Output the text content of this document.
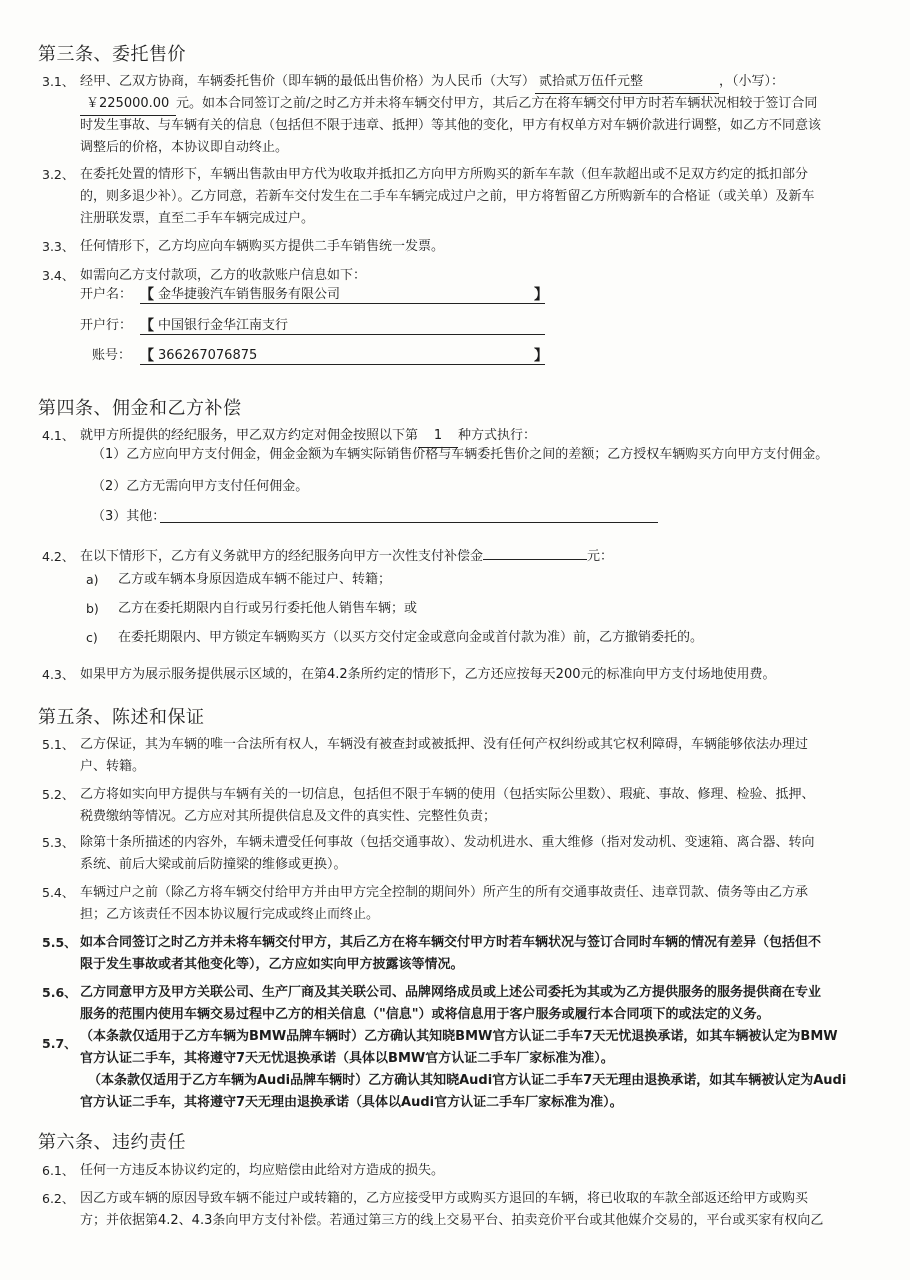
第三条、委托售价
3.1、 经甲、乙双方协商，车辆委托售价（即车辆的最低出售价格）为人民币（大写） 贰拾贰万伍仟元整	，（小写）：
￥225000.00 元。如本合同签订之前/之时乙方并未将车辆交付甲方，其后乙方在将车辆交付甲方时若车辆状况相较于签订合同
时发生事故、与车辆有关的信息（包括但不限于违章、抵押）等其他的变化，甲方有权单方对车辆价款进行调整，如乙方不同意该
调整后的价格，本协议即自动终止。
3.2、 在委托处置的情形下，车辆出售款由甲方代为收取并抵扣乙方向甲方所购买的新车车款（但车款超出或不足双方约定的抵扣部分
的，则多退少补）。乙方同意，若新车交付发生在二手车车辆完成过户之前，甲方将暂留乙方所购新车的合格证（或关单）及新车
注册联发票，直至二手车车辆完成过户。
3.3、 任何情形下，乙方均应向车辆购买方提供二手车销售统一发票。
3.4、 如需向乙方支付款项，乙方的收款账户信息如下：
开户名： 【 金华捷骏汽车销售服务有限公司	】
开户行： 【 中国银行金华江南支行
账号： 【 366267076875	】
第四条、佣金和乙方补偿
4.1、 就甲方所提供的经纪服务，甲乙双方约定对佣金按照以下第 1 种方式执行：
（1）乙方应向甲方支付佣金，佣金金额为车辆实际销售价格与车辆委托售价之间的差额；乙方授权车辆购买方向甲方支付佣金。
（2）乙方无需向甲方支付任何佣金。
（3）其他：
4.2、 在以下情形下，乙方有义务就甲方的经纪服务向甲方一次性支付补偿金	元：
a) 乙方或车辆本身原因造成车辆不能过户、转籍；
b) 乙方在委托期限内自行或另行委托他人销售车辆；或
c) 在委托期限内、甲方锁定车辆购买方（以买方交付定金或意向金或首付款为准）前，乙方撤销委托的。
4.3、 如果甲方为展示服务提供展示区域的，在第4.2条所约定的情形下，乙方还应按每天200元的标准向甲方支付场地使用费。
第五条、陈述和保证
5.1、 乙方保证，其为车辆的唯一合法所有权人，车辆没有被查封或被抵押、没有任何产权纠纷或其它权利障碍，车辆能够依法办理过
户、转籍。
5.2、 乙方将如实向甲方提供与车辆有关的一切信息，包括但不限于车辆的使用（包括实际公里数）、瑕疵、事故、修理、检验、抵押、
税费缴纳等情况。乙方应对其所提供信息及文件的真实性、完整性负责；
5.3、 除第十条所描述的内容外，车辆未遭受任何事故（包括交通事故）、发动机进水、重大维修（指对发动机、变速箱、离合器、转向
系统、前后大梁或前后防撞梁的维修或更换）。
5.4、 车辆过户之前（除乙方将车辆交付给甲方并由甲方完全控制的期间外）所产生的所有交通事故责任、违章罚款、债务等由乙方承
担；乙方该责任不因本协议履行完成或终止而终止。
5.5、 如本合同签订之时乙方并未将车辆交付甲方，其后乙方在将车辆交付甲方时若车辆状况与签订合同时车辆的情况有差异（包括但不
限于发生事故或者其他变化等），乙方应如实向甲方披露该等情况。
5.6、 乙方同意甲方及甲方关联公司、生产厂商及其关联公司、品牌网络成员或上述公司委托为其或为乙方提供服务的服务提供商在专业
服务的范围内使用车辆交易过程中乙方的相关信息（"信息"）或将信息用于客户服务或履行本合同项下的或法定的义务。
5.7、 （本条款仅适用于乙方车辆为BMW品牌车辆时）乙方确认其知晓BMW官方认证二手车7天无忧退换承诺，如其车辆被认定为BMW
官方认证二手车，其将遵守7天无忧退换承诺（具体以BMW官方认证二手车厂家标准为准）。
（本条款仅适用于乙方车辆为Audi品牌车辆时）乙方确认其知晓Audi官方认证二手车7天无理由退换承诺，如其车辆被认定为Audi
官方认证二手车，其将遵守7天无理由退换承诺（具体以Audi官方认证二手车厂家标准为准）。
第六条、违约责任
6.1、 任何一方违反本协议约定的，均应赔偿由此给对方造成的损失。
6.2、 因乙方或车辆的原因导致车辆不能过户或转籍的，乙方应接受甲方或购买方退回的车辆，将已收取的车款全部返还给甲方或购买
方；并依据第4.2、4.3条向甲方支付补偿。若通过第三方的线上交易平台、拍卖竞价平台或其他媒介交易的，平台或买家有权向乙
